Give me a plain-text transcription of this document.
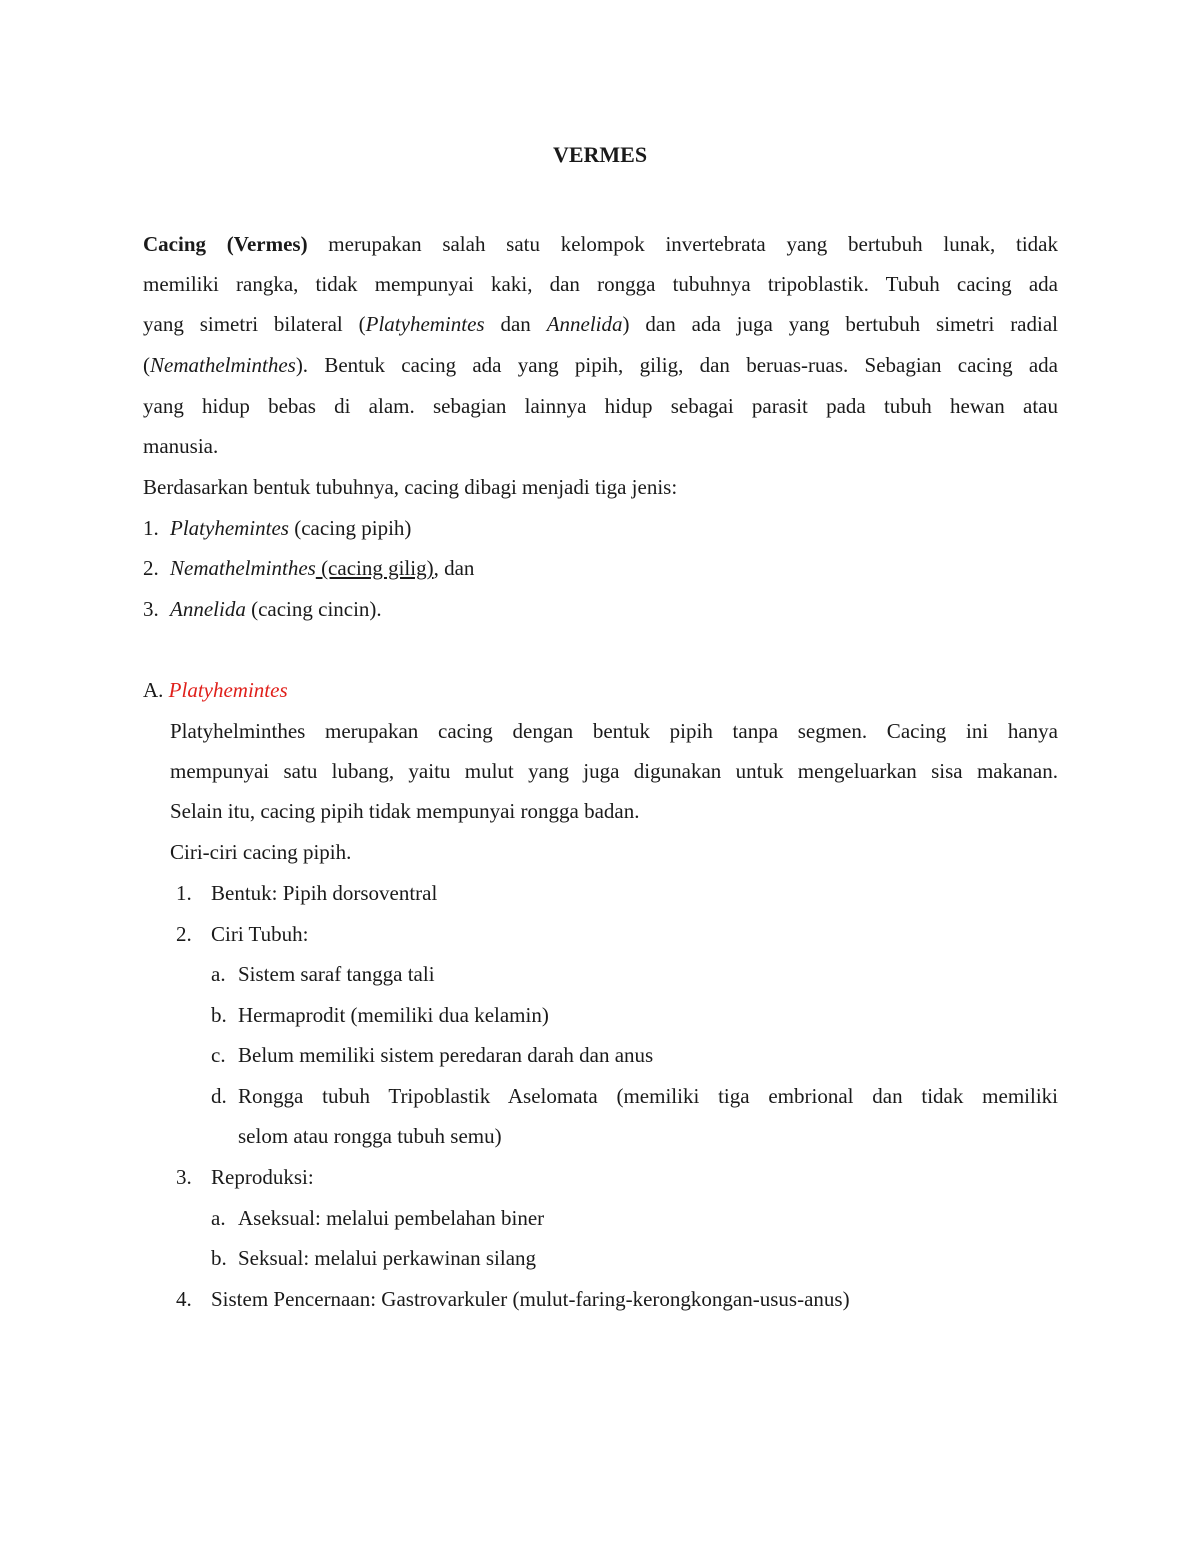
VERMES
Cacing (Vermes) merupakan salah satu kelompok invertebrata yang bertubuh lunak, tidak
memiliki rangka, tidak mempunyai kaki, dan rongga tubuhnya tripoblastik. Tubuh cacing ada
yang simetri bilateral (Platyhemintes dan Annelida) dan ada juga yang bertubuh simetri radial
(Nemathelminthes). Bentuk cacing ada yang pipih, gilig, dan beruas-ruas. Sebagian cacing ada
yang hidup bebas di alam. sebagian lainnya hidup sebagai parasit pada tubuh hewan atau
manusia.
Berdasarkan bentuk tubuhnya, cacing dibagi menjadi tiga jenis:
1. Platyhemintes (cacing pipih)
2. Nemathelminthes (cacing gilig), dan
3. Annelida (cacing cincin).
A. Platyhemintes
Platyhelminthes merupakan cacing dengan bentuk pipih tanpa segmen. Cacing ini hanya
mempunyai satu lubang, yaitu mulut yang juga digunakan untuk mengeluarkan sisa makanan.
Selain itu, cacing pipih tidak mempunyai rongga badan.
Ciri-ciri cacing pipih.
1. Bentuk: Pipih dorsoventral
2. Ciri Tubuh:
a. Sistem saraf tangga tali
b. Hermaprodit (memiliki dua kelamin)
c. Belum memiliki sistem peredaran darah dan anus
d. Rongga tubuh Tripoblastik Aselomata (memiliki tiga embrional dan tidak memiliki
selom atau rongga tubuh semu)
3. Reproduksi:
a. Aseksual: melalui pembelahan biner
b. Seksual: melalui perkawinan silang
4. Sistem Pencernaan: Gastrovarkuler (mulut-faring-kerongkongan-usus-anus)
